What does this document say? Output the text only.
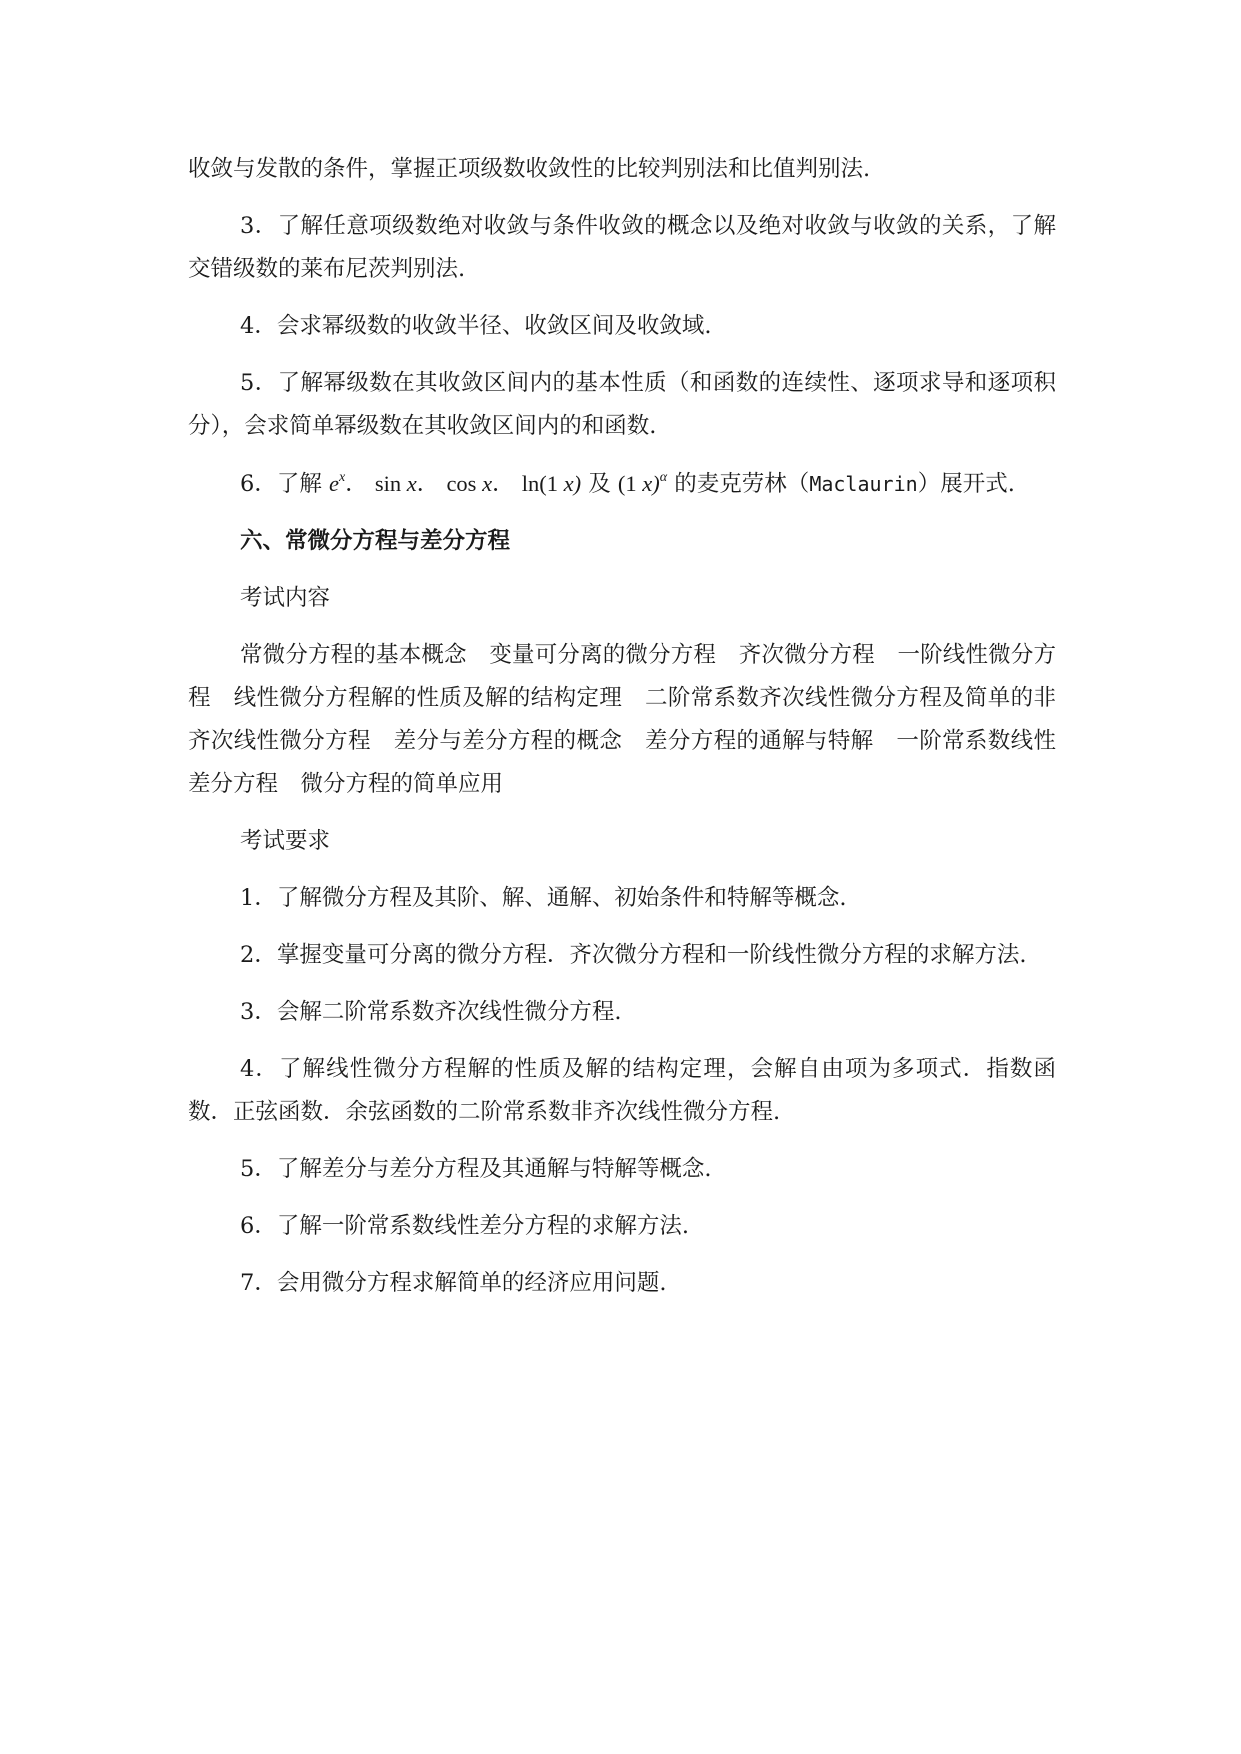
收敛与发散的条件，掌握正项级数收敛性的比较判别法和比值判别法.

3．了解任意项级数绝对收敛与条件收敛的概念以及绝对收敛与收敛的关系，了解交错级数的莱布尼茨判别法.

4．会求幂级数的收敛半径、收敛区间及收敛域.

5．了解幂级数在其收敛区间内的基本性质（和函数的连续性、逐项求导和逐项积分），会求简单幂级数在其收敛区间内的和函数.

6．了解 $e^x$． sin x． cos x． ln(1 x) 及 (1 x)$^\alpha$ 的麦克劳林（Maclaurin）展开式.

六、常微分方程与差分方程

考试内容

常微分方程的基本概念　变量可分离的微分方程　齐次微分方程　一阶线性微分方程　线性微分方程解的性质及解的结构定理　二阶常系数齐次线性微分方程及简单的非齐次线性微分方程　差分与差分方程的概念　差分方程的通解与特解　一阶常系数线性差分方程　微分方程的简单应用

考试要求

1．了解微分方程及其阶、解、通解、初始条件和特解等概念.

2．掌握变量可分离的微分方程．齐次微分方程和一阶线性微分方程的求解方法.

3．会解二阶常系数齐次线性微分方程.

4．了解线性微分方程解的性质及解的结构定理，会解自由项为多项式．指数函数．正弦函数．余弦函数的二阶常系数非齐次线性微分方程.

5．了解差分与差分方程及其通解与特解等概念.

6．了解一阶常系数线性差分方程的求解方法.

7．会用微分方程求解简单的经济应用问题.
